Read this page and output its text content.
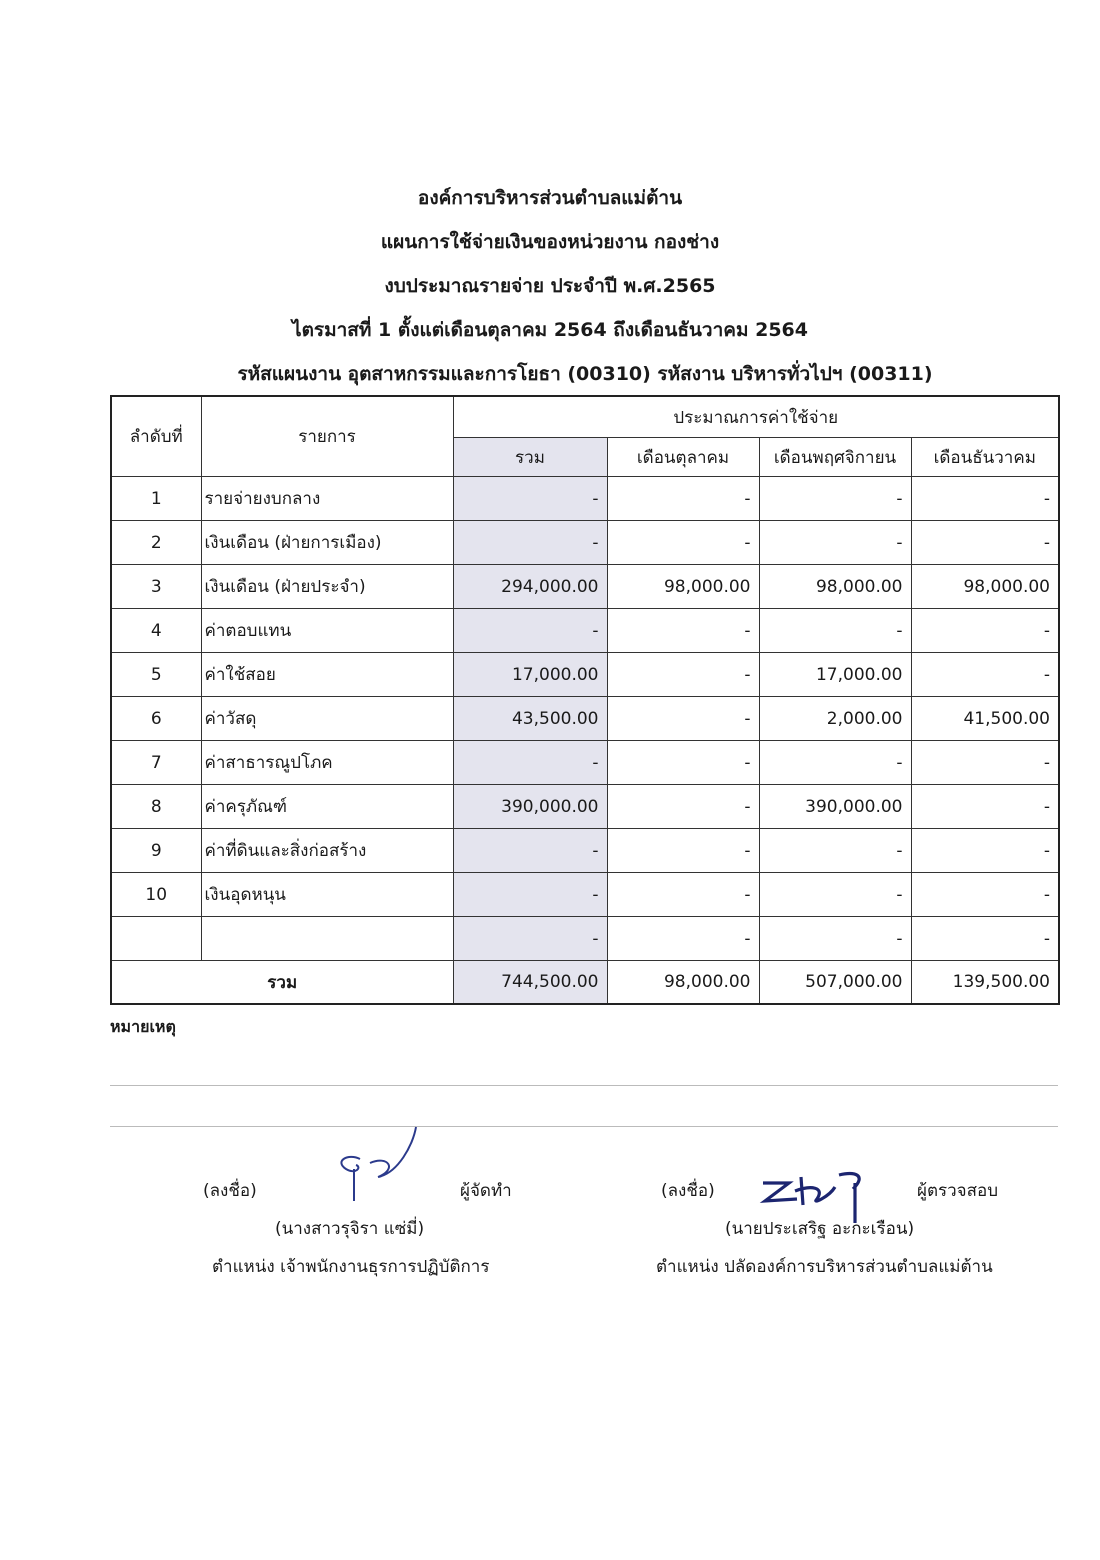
องค์การบริหารส่วนตำบลแม่ต้าน
แผนการใช้จ่ายเงินของหน่วยงาน กองช่าง
งบประมาณรายจ่าย ประจำปี พ.ศ.2565
ไตรมาสที่ 1 ตั้งแต่เดือนตุลาคม 2564 ถึงเดือนธันวาคม 2564
รหัสแผนงาน อุตสาหกรรมและการโยธา (00310) รหัสงาน บริหารทั่วไปฯ (00311)
ลำดับที่	รายการ	ประมาณการค่าใช้จ่าย			
		รวม	เดือนตุลาคม	เดือนพฤศจิกายน	เดือนธันวาคม
1	รายจ่ายงบกลาง	-	-	-	-
2	เงินเดือน (ฝ่ายการเมือง)	-	-	-	-
3	เงินเดือน (ฝ่ายประจำ)	294,000.00	98,000.00	98,000.00	98,000.00
4	ค่าตอบแทน	-	-	-	-
5	ค่าใช้สอย	17,000.00	-	17,000.00	-
6	ค่าวัสดุ	43,500.00	-	2,000.00	41,500.00
7	ค่าสาธารณูปโภค	-	-	-	-
8	ค่าครุภัณฑ์	390,000.00	-	390,000.00	-
9	ค่าที่ดินและสิ่งก่อสร้าง	-	-	-	-
10	เงินอุดหนุน	-	-	-	-
		-	-	-	-
รวม		744,500.00	98,000.00	507,000.00	139,500.00
หมายเหตุ
(ลงชื่อ)	ผู้จัดทำ
(นางสาวรุจิรา แซ่มี่)
ตำแหน่ง เจ้าพนักงานธุรการปฏิบัติการ
(ลงชื่อ)	ผู้ตรวจสอบ
(นายประเสริฐ อะกะเรือน)
ตำแหน่ง ปลัดองค์การบริหารส่วนตำบลแม่ต้าน
